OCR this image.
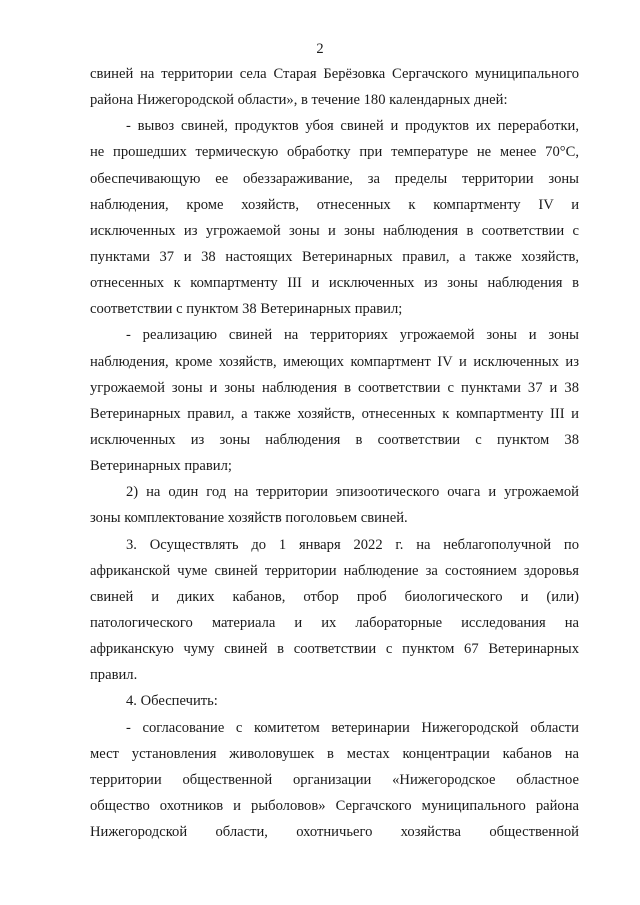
2
свиней на территории села Старая Берёзовка Сергачского муниципального
района Нижегородской области», в течение 180 календарных дней:
- вывоз свиней, продуктов убоя свиней и продуктов их переработки,
не прошедших термическую обработку при температуре не менее 70°С,
обеспечивающую ее обеззараживание, за пределы территории зоны
наблюдения, кроме хозяйств, отнесенных к компартменту IV и
исключенных из угрожаемой зоны и зоны наблюдения в соответствии с
пунктами 37 и 38 настоящих Ветеринарных правил, а также хозяйств,
отнесенных к компартменту III и исключенных из зоны наблюдения в
соответствии с пунктом 38 Ветеринарных правил;
- реализацию свиней на территориях угрожаемой зоны и зоны
наблюдения, кроме хозяйств, имеющих компартмент IV и исключенных из
угрожаемой зоны и зоны наблюдения в соответствии с пунктами 37 и 38
Ветеринарных правил, а также хозяйств, отнесенных к компартменту III и
исключенных из зоны наблюдения в соответствии с пунктом 38
Ветеринарных правил;
2) на один год на территории эпизоотического очага и угрожаемой
зоны комплектование хозяйств поголовьем свиней.
3. Осуществлять до 1 января 2022 г. на неблагополучной по
африканской чуме свиней территории наблюдение за состоянием здоровья
свиней и диких кабанов, отбор проб биологического и (или)
патологического материала и их лабораторные исследования на
африканскую чуму свиней в соответствии с пунктом 67 Ветеринарных
правил.
4. Обеспечить:
- согласование с комитетом ветеринарии Нижегородской области
мест установления живоловушек в местах концентрации кабанов на
территории общественной организации «Нижегородское областное
общество охотников и рыболовов» Сергачского муниципального района
Нижегородской области, охотничьего хозяйства общественной
